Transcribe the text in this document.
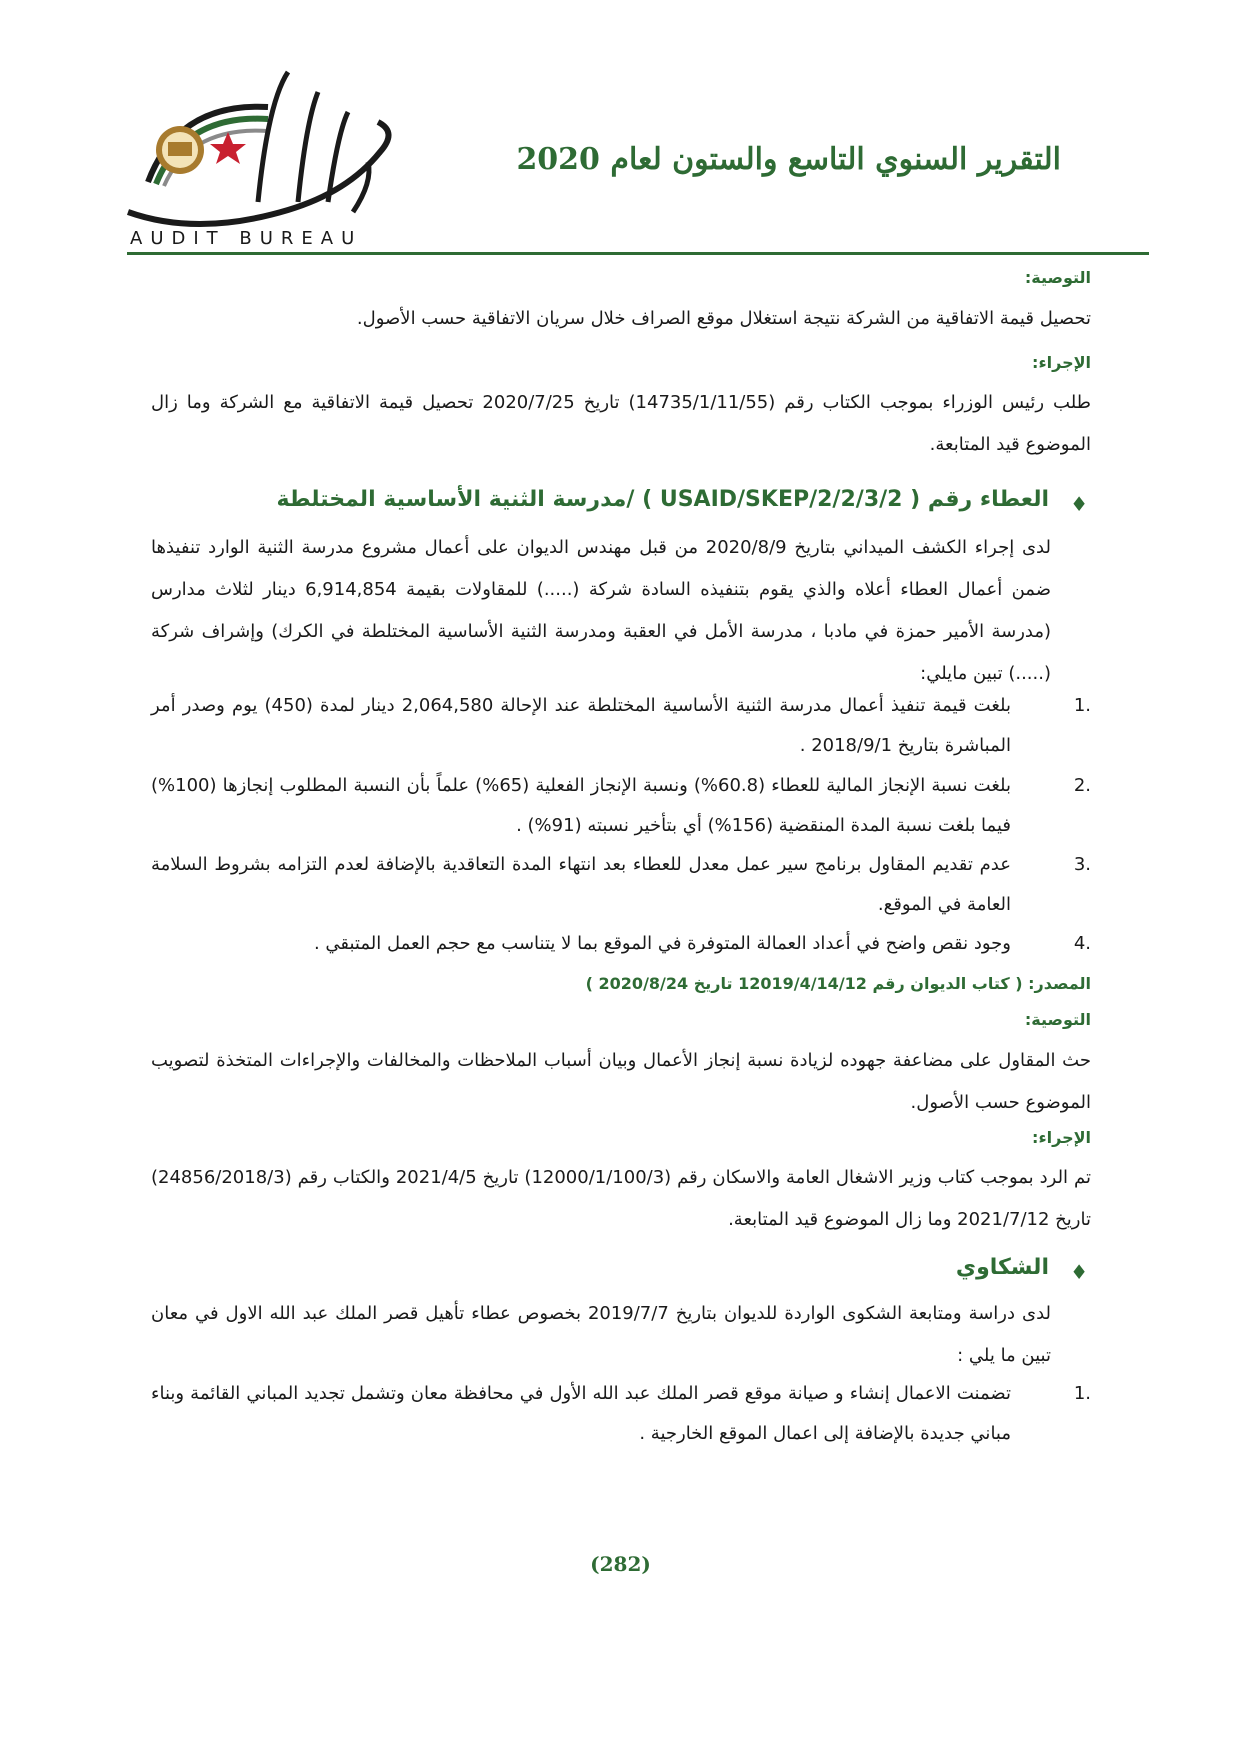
AUDIT BUREAU
التقرير السنوي التاسع والستون لعام 2020
التوصية:
تحصيل قيمة الاتفاقية من الشركة نتيجة استغلال موقع الصراف خلال سريان الاتفاقية حسب الأصول.
الإجراء:
طلب رئيس الوزراء بموجب الكتاب رقم (14735/1/11/55) تاريخ 2020/7/25 تحصيل قيمة الاتفاقية مع الشركة وما زال الموضوع قيد المتابعة.
♦
العطاء رقم ( 3/2/USAID/SKEP/2/2 ) /مدرسة الثنية الأساسية المختلطة
لدى إجراء الكشف الميداني بتاريخ 2020/8/9 من قبل مهندس الديوان على أعمال مشروع مدرسة الثنية الوارد تنفيذها ضمن أعمال العطاء أعلاه والذي يقوم بتنفيذه السادة شركة (.....) للمقاولات بقيمة 6,914,854 دينار لثلاث مدارس (مدرسة الأمير حمزة في مادبا ، مدرسة الأمل في العقبة ومدرسة الثنية الأساسية المختلطة في الكرك) وإشراف شركة (.....) تبين مايلي:
1.
بلغت قيمة تنفيذ أعمال مدرسة الثنية الأساسية المختلطة عند الإحالة 2,064,580 دينار لمدة (450) يوم وصدر أمر المباشرة بتاريخ 2018/9/1 .
2.
بلغت نسبة الإنجاز المالية للعطاء (60.8%) ونسبة الإنجاز الفعلية (65%) علماً بأن النسبة المطلوب إنجازها (100%) فيما بلغت نسبة المدة المنقضية (156%) أي بتأخير نسبته (91%) .
3.
عدم تقديم المقاول برنامج سير عمل معدل للعطاء بعد انتهاء المدة التعاقدية بالإضافة لعدم التزامه بشروط السلامة العامة في الموقع.
4.
وجود نقص واضح في أعداد العمالة المتوفرة في الموقع بما لا يتناسب مع حجم العمل المتبقي .
المصدر: ( كتاب الديوان رقم 12019/4/14/12 تاريخ 2020/8/24 )
التوصية:
حث المقاول على مضاعفة جهوده لزيادة نسبة إنجاز الأعمال وبيان أسباب الملاحظات والمخالفات والإجراءات المتخذة لتصويب الموضوع حسب الأصول.
الإجراء:
تم الرد بموجب كتاب وزير الاشغال العامة والاسكان رقم (12000/1/100/3) تاريخ 2021/4/5 والكتاب رقم (24856/2018/3) تاريخ 2021/7/12 وما زال الموضوع قيد المتابعة.
♦
الشكاوي
لدى دراسة ومتابعة الشكوى الواردة للديوان بتاريخ 2019/7/7 بخصوص عطاء تأهيل قصر الملك عبد الله الاول في معان تبين ما يلي :
1.
تضمنت الاعمال إنشاء و صيانة موقع قصر الملك عبد الله الأول في محافظة معان وتشمل تجديد المباني القائمة وبناء مباني جديدة بالإضافة إلى اعمال الموقع الخارجية .
(282)
